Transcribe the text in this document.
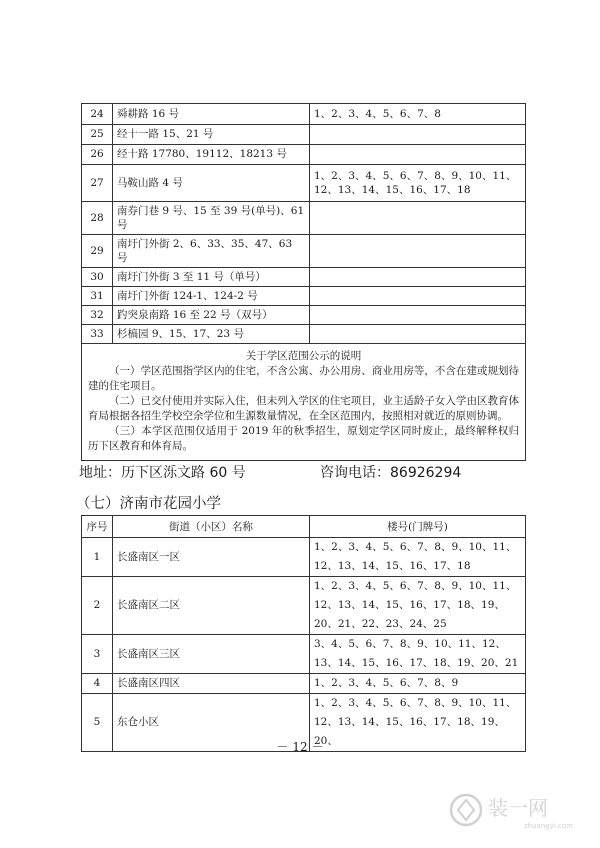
24	舜耕路 16 号	1、2、3、4、5、6、7、8
25	经十一路 15、21 号	
26	经十路 17780、19112、18213 号	
27	马鞍山路 4 号	1、2、3、4、5、6、7、8、9、10、11、12、13、14、15、16、17、18
28	南券门巷 9 号、15 至 39 号(单号)、61 号	
29	南圩门外街 2、6、33、35、47、63 号	
30	南圩门外街 3 至 11 号（单号）	
31	南圩门外街 124-1、124-2 号	
32	趵突泉南路 16 至 22 号（双号）	
33	杉槁园 9、15、17、23 号	

关于学区范围公示的说明
（一）学区范围指学区内的住宅，不含公寓、办公用房、商业用房等，不含在建或规划待建的住宅项目。
（二）已交付使用并实际入住，但未列入学区的住宅项目，业主适龄子女入学由区教育体育局根据各招生学校空余学位和生源数量情况，在全区范围内，按照相对就近的原则协调。
（三）本学区范围仅适用于 2019 年的秋季招生，原划定学区同时废止，最终解释权归历下区教育和体育局。		
地址：历下区泺文路 60 号	咨询电话：86926294
（七）济南市花园小学
序号	街道（小区）名称	楼号(门牌号)
1	长盛南区一区	1、2、3、4、5、6、7、8、9、10、11、12、13、14、15、16、17、18
2	长盛南区二区	1、2、3、4、5、6、7、8、9、10、11、12、13、14、15、16、17、18、19、20、21、22、23、24、25
3	长盛南区三区	3、4、5、6、7、8、9、10、11、12、13、14、15、16、17、18、19、20、21
4	长盛南区四区	1、2、3、4、5、6、7、8、9
5	东仓小区	1、2、3、4、5、6、7、8、9、10、11、12、13、14、15、16、17、18、19、20、
－ 12 －
装一网
zhuangyi.com
